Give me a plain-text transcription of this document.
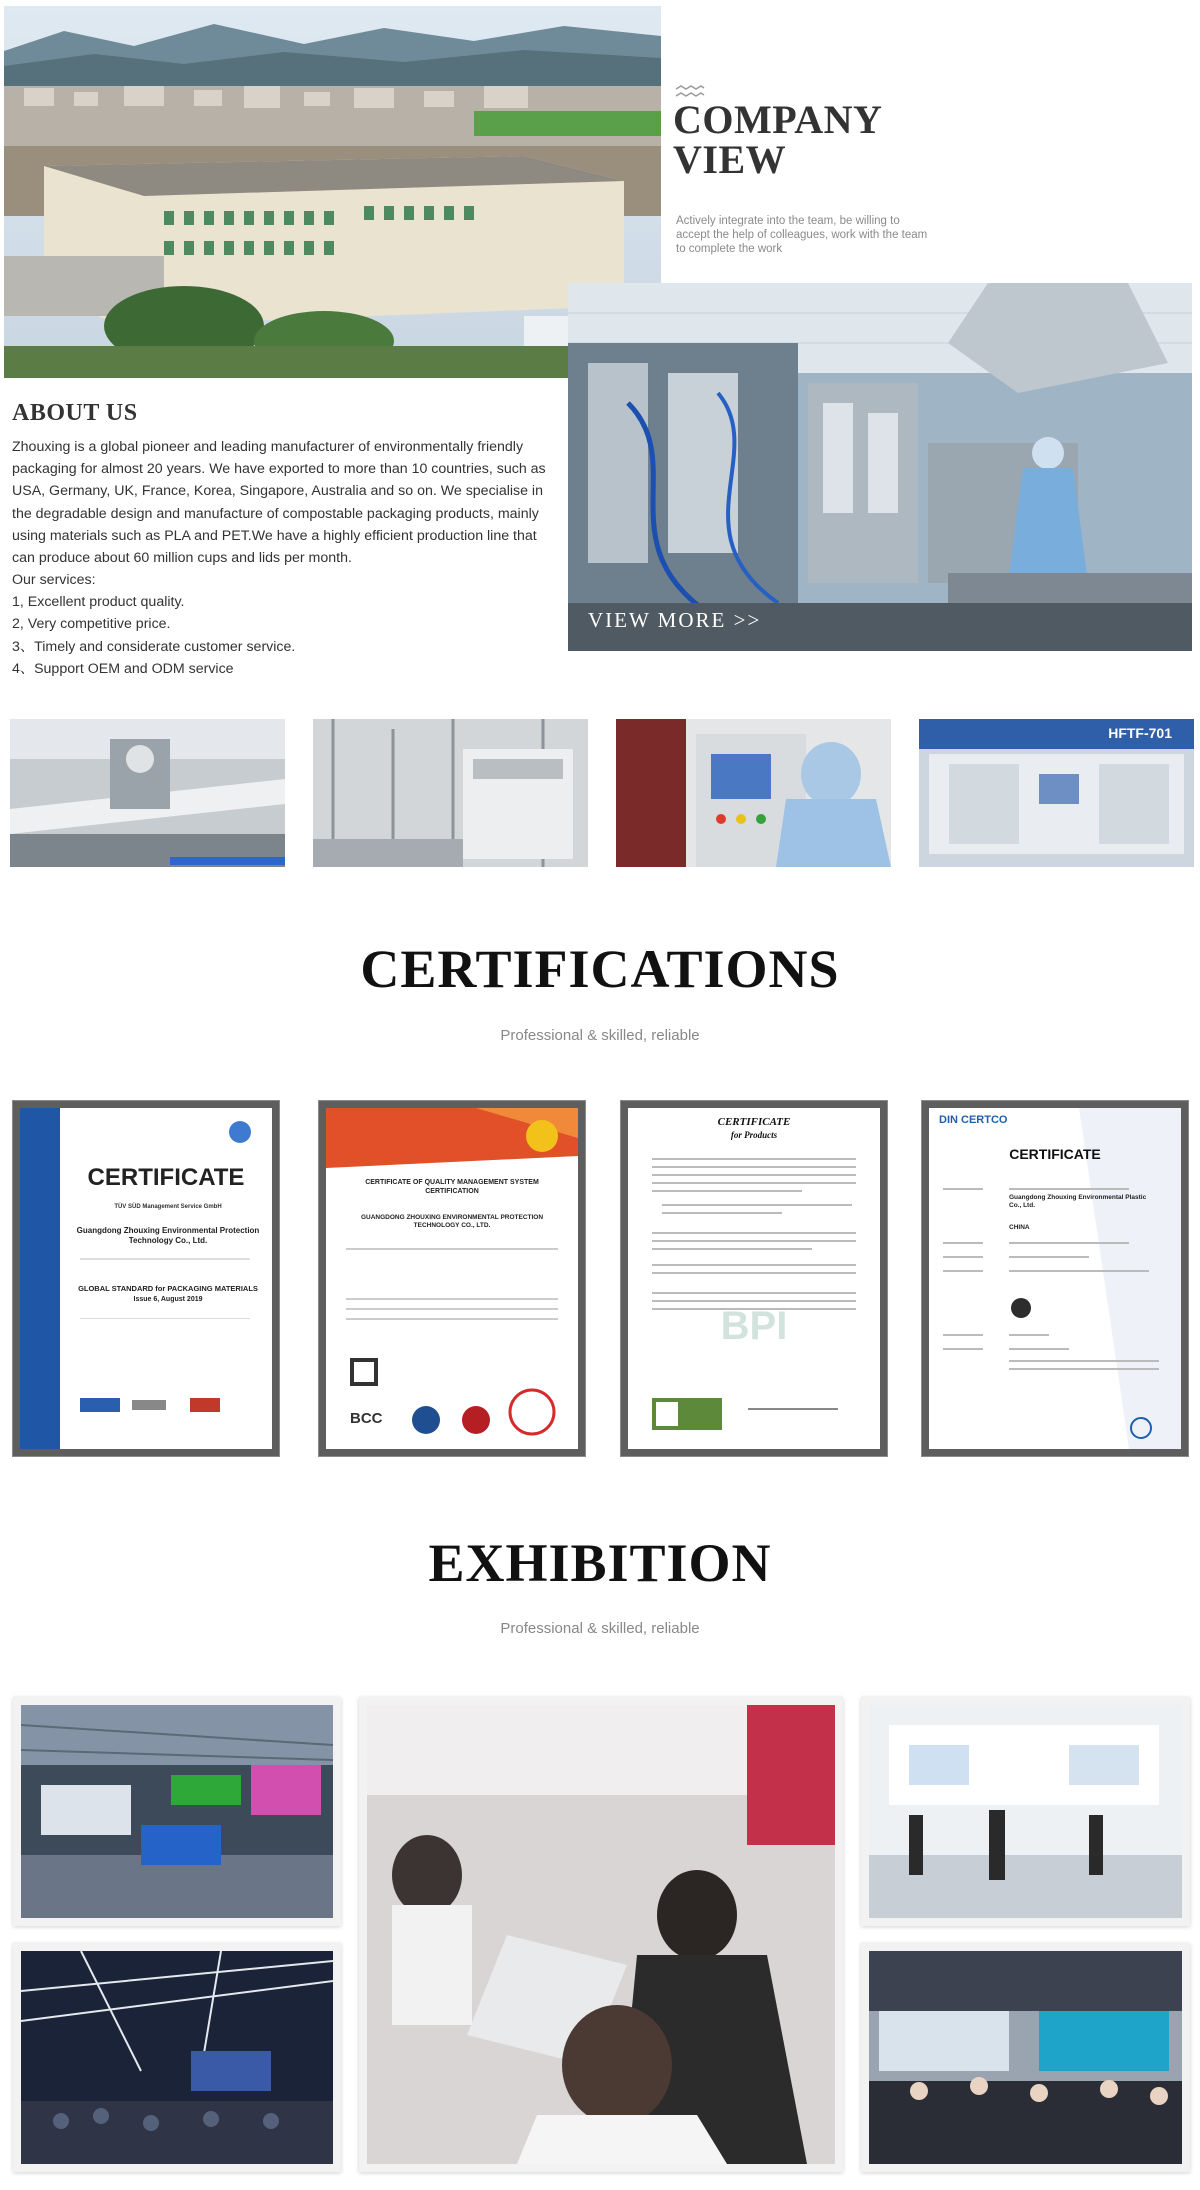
COMPANY
VIEW

Actively integrate into the team, be willing to accept the help of colleagues, work with the team to complete the work

VIEW MORE >>
ABOUT US

Zhouxing is a global pioneer and leading manufacturer of environmentally friendly packaging for almost 20 years. We have exported to more than 10 countries, such as USA, Germany, UK, France, Korea, Singapore, Australia and so on. We specialise in the degradable design and manufacture of compostable packaging products, mainly using materials such as PLA and PET.We have a highly efficient production line that can produce about 60 million cups and lids per month.

Our services:
1, Excellent product quality.
2, Very competitive price.
3、Timely and considerate customer service.
4、Support OEM and ODM service
HFTF-701
CERTIFICATIONS

Professional & skilled, reliable

CERTIFICATE
TÜV SÜD Management Service GmbH
Guangdong Zhouxing Environmental Protection Technology Co., Ltd.
GLOBAL STANDARD for PACKAGING MATERIALS
Issue 6, August 2019
CERTIFICATE OF QUALITY MANAGEMENT SYSTEM CERTIFICATION
GUANGDONG ZHOUXING ENVIRONMENTAL PROTECTION TECHNOLOGY CO., LTD.
BCC
CERTIFICATE
for Products
BPI
DIN CERTCO
CERTIFICATE
Guangdong Zhouxing Environmental Plastic Co., Ltd.
CHINA
EXHIBITION

Professional & skilled, reliable
